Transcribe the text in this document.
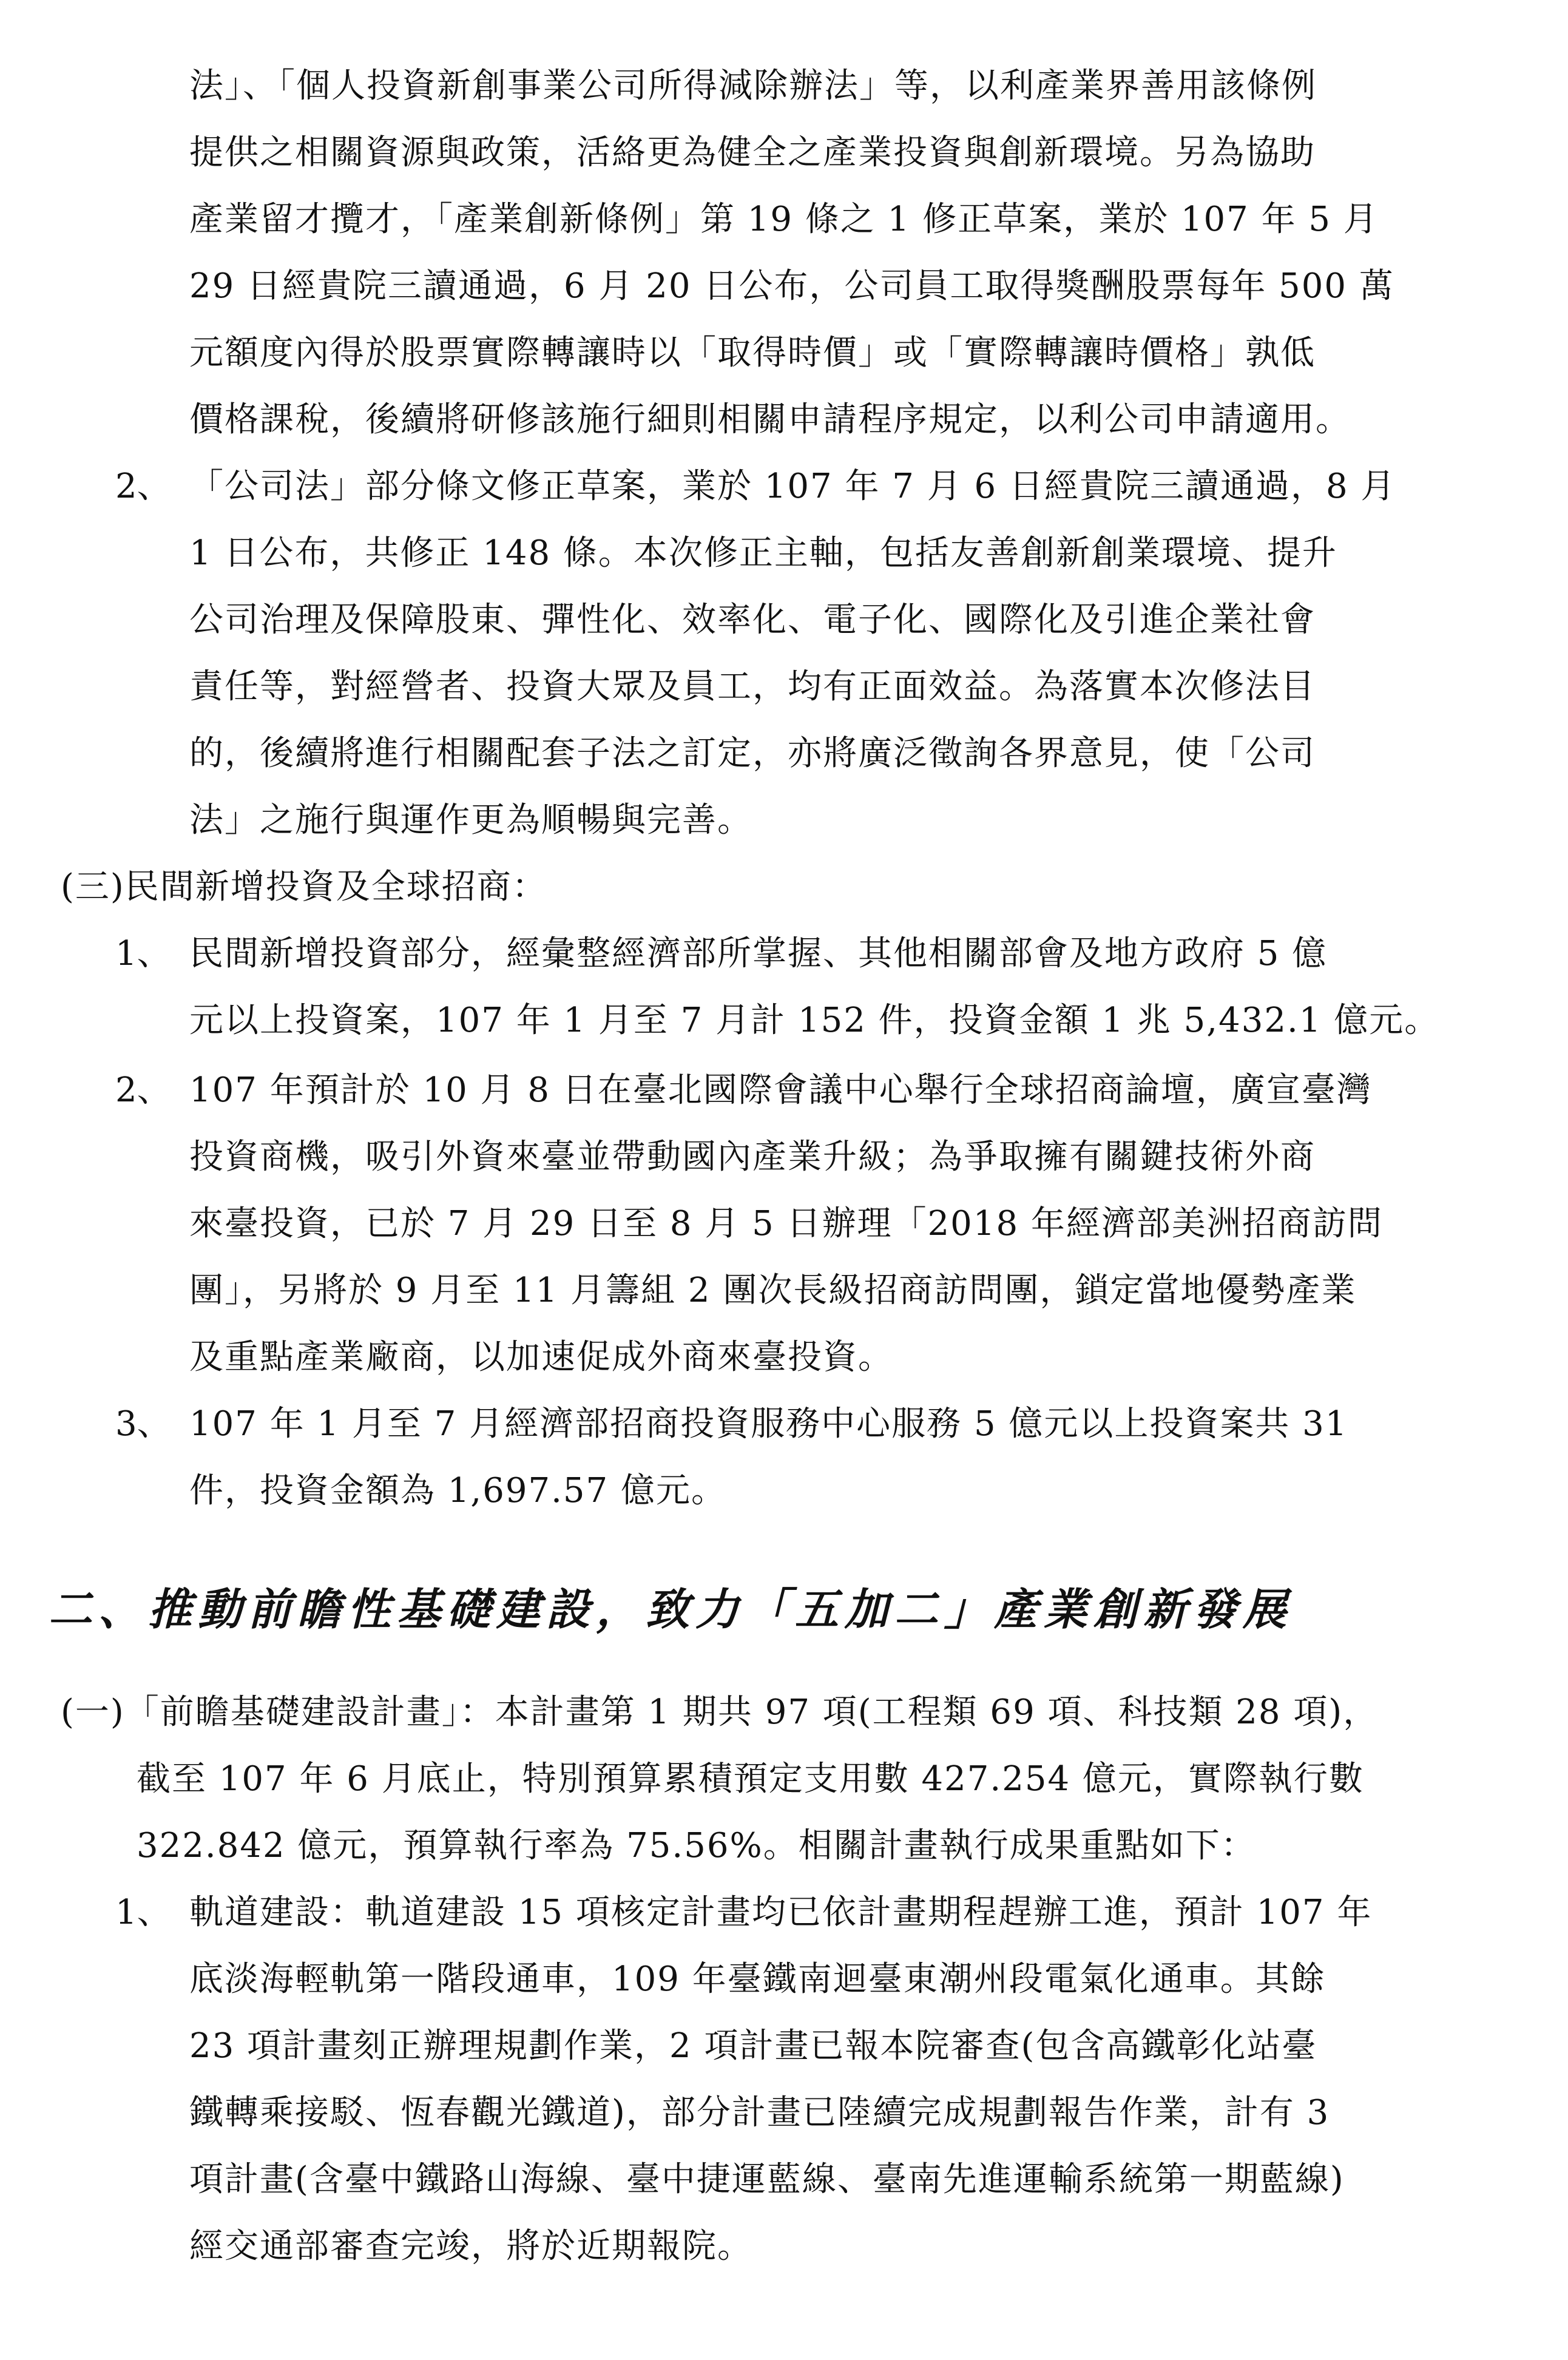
法」、「個人投資新創事業公司所得減除辦法」等，以利產業界善用該條例
提供之相關資源與政策，活絡更為健全之產業投資與創新環境。另為協助
產業留才攬才，「產業創新條例」第 19 條之 1 修正草案，業於 107 年 5 月
29 日經貴院三讀通過，6 月 20 日公布，公司員工取得獎酬股票每年 500 萬
元額度內得於股票實際轉讓時以「取得時價」或「實際轉讓時價格」孰低
價格課稅，後續將研修該施行細則相關申請程序規定，以利公司申請適用。
2、 「公司法」部分條文修正草案，業於 107 年 7 月 6 日經貴院三讀通過，8 月
1 日公布，共修正 148 條。本次修正主軸，包括友善創新創業環境、提升
公司治理及保障股東、彈性化、效率化、電子化、國際化及引進企業社會
責任等，對經營者、投資大眾及員工，均有正面效益。為落實本次修法目
的，後續將進行相關配套子法之訂定，亦將廣泛徵詢各界意見，使「公司
法」之施行與運作更為順暢與完善。
(三)民間新增投資及全球招商：
1、 民間新增投資部分，經彙整經濟部所掌握、其他相關部會及地方政府 5 億
元以上投資案，107 年 1 月至 7 月計 152 件，投資金額 1 兆 5,432.1 億元。
2、 107 年預計於 10 月 8 日在臺北國際會議中心舉行全球招商論壇，廣宣臺灣
投資商機，吸引外資來臺並帶動國內產業升級；為爭取擁有關鍵技術外商
來臺投資，已於 7 月 29 日至 8 月 5 日辦理「2018 年經濟部美洲招商訪問
團」，另將於 9 月至 11 月籌組 2 團次長級招商訪問團，鎖定當地優勢產業
及重點產業廠商，以加速促成外商來臺投資。
3、 107 年 1 月至 7 月經濟部招商投資服務中心服務 5 億元以上投資案共 31
件，投資金額為 1,697.57 億元。
二、推動前瞻性基礎建設，致力「五加二」產業創新發展
(一)「前瞻基礎建設計畫」：本計畫第 1 期共 97 項(工程類 69 項、科技類 28 項)，
截至 107 年 6 月底止，特別預算累積預定支用數 427.254 億元，實際執行數
322.842 億元，預算執行率為 75.56%。相關計畫執行成果重點如下：
1、 軌道建設：軌道建設 15 項核定計畫均已依計畫期程趕辦工進，預計 107 年
底淡海輕軌第一階段通車，109 年臺鐵南迴臺東潮州段電氣化通車。其餘
23 項計畫刻正辦理規劃作業，2 項計畫已報本院審查(包含高鐵彰化站臺
鐵轉乘接駁、恆春觀光鐵道)，部分計畫已陸續完成規劃報告作業，計有 3
項計畫(含臺中鐵路山海線、臺中捷運藍線、臺南先進運輸系統第一期藍線)
經交通部審查完竣，將於近期報院。
